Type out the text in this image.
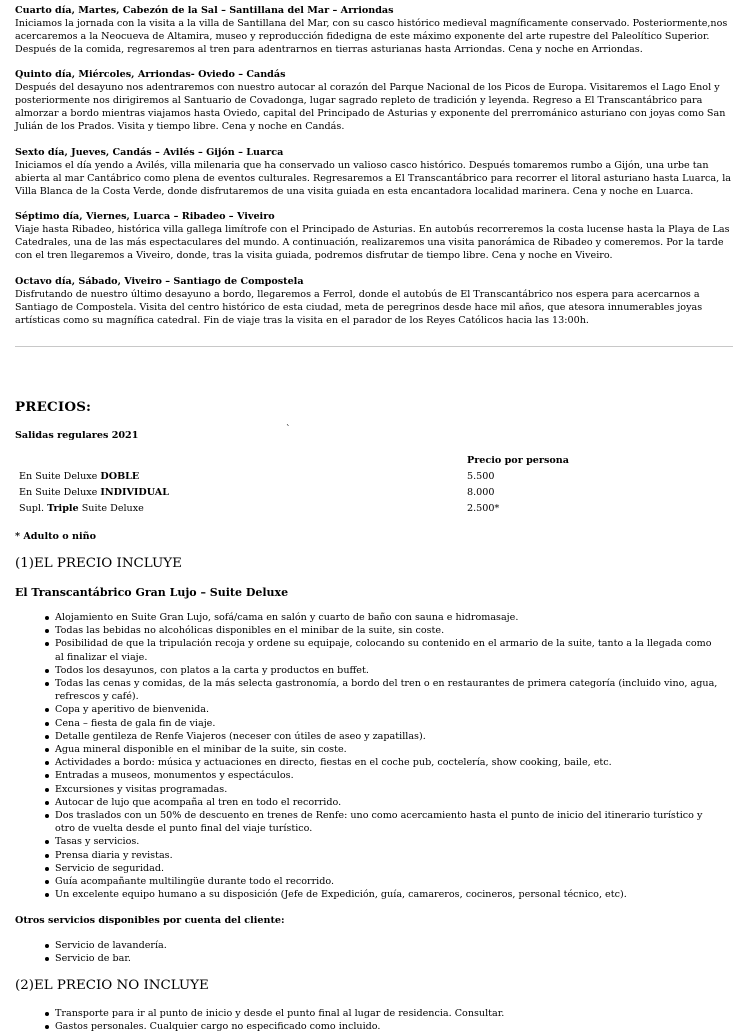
Cuarto día, Martes, Cabezón de la Sal – Santillana del Mar – Arriondas

Iniciamos la jornada con la visita a la villa de Santillana del Mar, con su casco histórico medieval magníficamente conservado. Posteriormente,nos acercaremos a la Neocueva de Altamira, museo y reproducción fidedigna de este máximo exponente del arte rupestre del Paleolítico Superior. Después de la comida, regresaremos al tren para adentrarnos en tierras asturianas hasta Arriondas. Cena y noche en Arriondas.

Quinto día, Miércoles, Arriondas- Oviedo – Candás

Después del desayuno nos adentraremos con nuestro autocar al corazón del Parque Nacional de los Picos de Europa. Visitaremos el Lago Enol y posteriormente nos dirigiremos al Santuario de Covadonga, lugar sagrado repleto de tradición y leyenda. Regreso a El Transcantábrico para almorzar a bordo mientras viajamos hasta Oviedo, capital del Principado de Asturias y exponente del prerrománico asturiano con joyas como San Julián de los Prados. Visita y tiempo libre. Cena y noche en Candás.

Sexto día, Jueves, Candás – Avilés – Gijón – Luarca

Iniciamos el día yendo a Avilés, villa milenaria que ha conservado un valioso casco histórico. Después tomaremos rumbo a Gijón, una urbe tan abierta al mar Cantábrico como plena de eventos culturales. Regresaremos a El Transcantábrico para recorrer el litoral asturiano hasta Luarca, la Villa Blanca de la Costa Verde, donde disfrutaremos de una visita guiada en esta encantadora localidad marinera. Cena y noche en Luarca.

Séptimo día, Viernes, Luarca – Ribadeo – Viveiro

Viaje hasta Ribadeo, histórica villa gallega limítrofe con el Principado de Asturias. En autobús recorreremos la costa lucense hasta la Playa de Las Catedrales, una de las más espectaculares del mundo. A continuación, realizaremos una visita panorámica de Ribadeo y comeremos. Por la tarde con el tren llegaremos a Viveiro, donde, tras la visita guiada, podremos disfrutar de tiempo libre. Cena y noche en Viveiro.

Octavo día, Sábado, Viveiro – Santiago de Compostela

Disfrutando de nuestro último desayuno a bordo, llegaremos a Ferrol, donde el autobús de El Transcantábrico nos espera para acercarnos a Santiago de Compostela. Visita del centro histórico de esta ciudad, meta de peregrinos desde hace mil años, que atesora innumerables joyas artísticas como su magnífica catedral. Fin de viaje tras la visita en el parador de los Reyes Católicos hacia las 13:00h.

PRECIOS:
Salidas regulares 2021	`
Precio por persona
En Suite Deluxe DOBLE	5.500
En Suite Deluxe INDIVIDUAL	8.000
Supl. Triple Suite Deluxe	2.500*
* Adulto o niño
(1)EL PRECIO INCLUYE
El Transcantábrico Gran Lujo – Suite Deluxe
Alojamiento en Suite Gran Lujo, sofá/cama en salón y cuarto de baño con sauna e hidromasaje.
Todas las bebidas no alcohólicas disponibles en el minibar de la suite, sin coste.
Posibilidad de que la tripulación recoja y ordene su equipaje, colocando su contenido en el armario de la suite, tanto a la llegada como al finalizar el viaje.
Todos los desayunos, con platos a la carta y productos en buffet.
Todas las cenas y comidas, de la más selecta gastronomía, a bordo del tren o en restaurantes de primera categoría (incluido vino, agua, refrescos y café).
Copa y aperitivo de bienvenida.
Cena – fiesta de gala fin de viaje.
Detalle gentileza de Renfe Viajeros (neceser con útiles de aseo y zapatillas).
Agua mineral disponible en el minibar de la suite, sin coste.
Actividades a bordo: música y actuaciones en directo, fiestas en el coche pub, coctelería, show cooking, baile, etc.
Entradas a museos, monumentos y espectáculos.
Excursiones y visitas programadas.
Autocar de lujo que acompaña al tren en todo el recorrido.
Dos traslados con un 50% de descuento en trenes de Renfe: uno como acercamiento hasta el punto de inicio del itinerario turístico y otro de vuelta desde el punto final del viaje turístico.
Tasas y servicios.
Prensa diaria y revistas.
Servicio de seguridad.
Guía acompañante multilingüe durante todo el recorrido.
Un excelente equipo humano a su disposición (Jefe de Expedición, guía, camareros, cocineros, personal técnico, etc).
Otros servicios disponibles por cuenta del cliente:
Servicio de lavandería.
Servicio de bar.
(2)EL PRECIO NO INCLUYE
Transporte para ir al punto de inicio y desde el punto final al lugar de residencia. Consultar.
Gastos personales. Cualquier cargo no especificado como incluido.
